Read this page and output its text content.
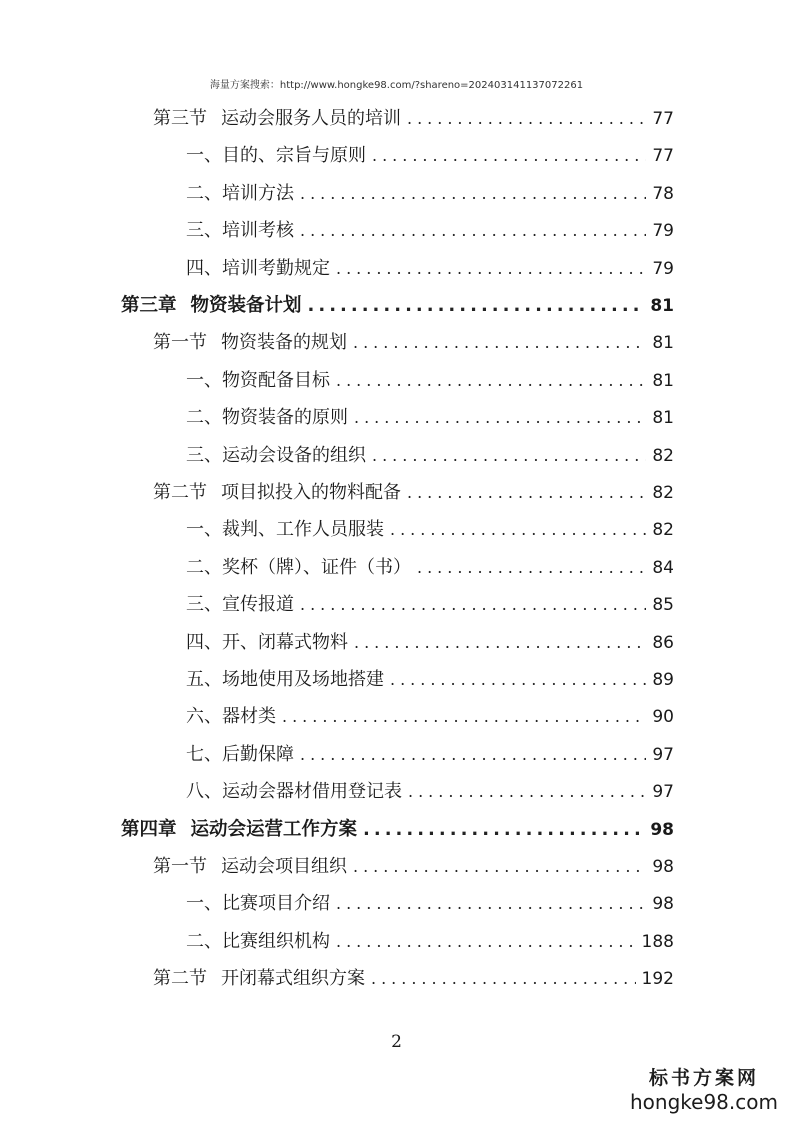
海量方案搜索：http://www.hongke98.com/?shareno=202403141137072261
第三节 运动会服务人员的培训 .....	77
一、 目的、宗旨与原则 .....	77
二、 培训方法 .....	78
三、 培训考核 .....	79
四、 培训考勤规定 .....	79
第三章 物资装备计划 .....	81
第一节 物资装备的规划 .....	81
一、 物资配备目标 .....	81
二、 物资装备的原则 .....	81
三、 运动会设备的组织 .....	82
第二节 项目拟投入的物料配备 .....	82
一、 裁判、工作人员服装 .....	82
二、 奖杯（牌）、证件（书） .....	84
三、 宣传报道 .....	85
四、 开、闭幕式物料 .....	86
五、 场地使用及场地搭建 .....	89
六、 器材类 .....	90
七、 后勤保障 .....	97
八、 运动会器材借用登记表 .....	97
第四章 运动会运营工作方案 .....	98
第一节 运动会项目组织 .....	98
一、 比赛项目介绍 .....	98
二、 比赛组织机构 .....	188
第二节 开闭幕式组织方案 .....	192
2
标书方案网
hongke98.com
